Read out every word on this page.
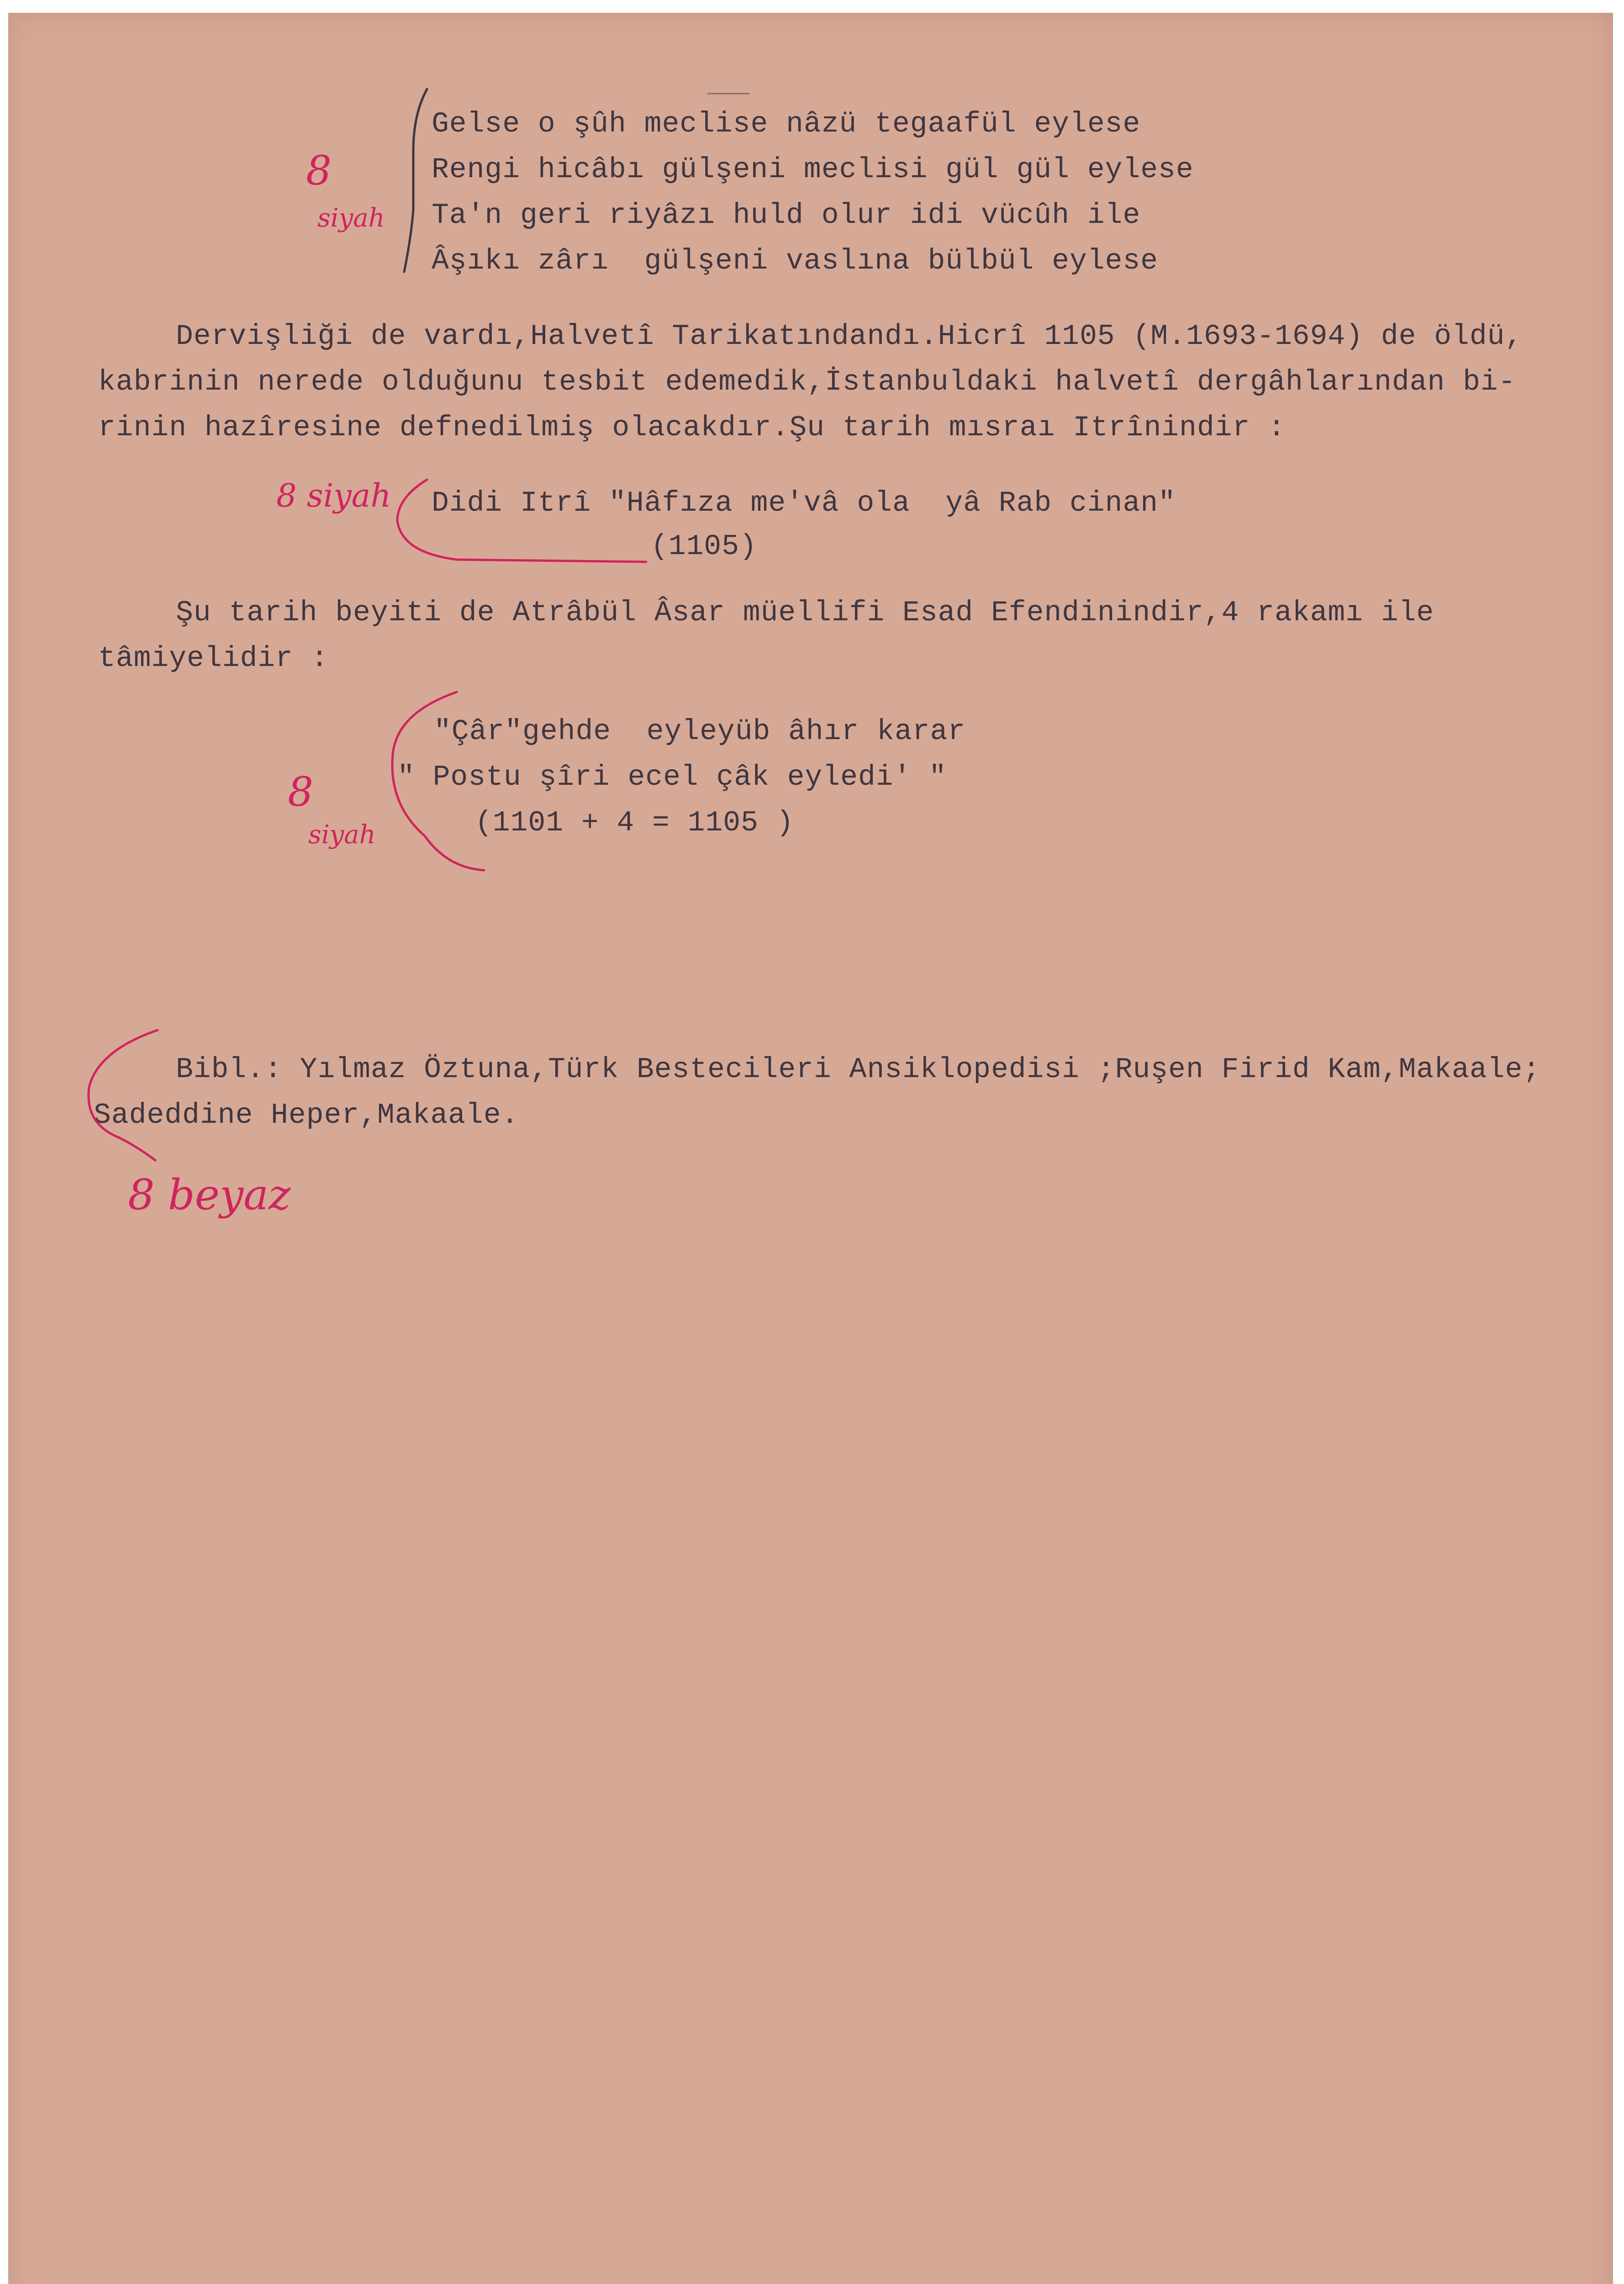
Gelse o şûh meclise nâzü tegaafül eylese
Rengi hicâbı gülşeni meclisi gül gül eylese
Ta'n geri riyâzı huld olur idi vücûh ile
Âşıkı zârı  gülşeni vaslına bülbül eylese
Dervişliği de vardı,Halvetî Tarikatındandı.Hicrî 1105 (M.1693-1694) de öldü,
kabrinin nerede olduğunu tesbit edemedik,İstanbuldaki halvetî dergâhlarından bi-
rinin hazîresine defnedilmiş olacakdır.Şu tarih mısraı Itrînindir :
Didi Itrî "Hâfıza me'vâ ola  yâ Rab cinan"
(1105)
Şu tarih beyiti de Atrâbül Âsar müellifi Esad Efendinindir,4 rakamı ile
tâmiyelidir :
"Çâr"gehde  eyleyüb âhır karar
" Postu şîri ecel çâk eyledi' "
(1101 + 4 = 1105 )
Bibl.: Yılmaz Öztuna,Türk Bestecileri Ansiklopedisi ;Ruşen Firid Kam,Makaale;
Sadeddine Heper,Makaale.
8
siyah
8 siyah
8
siyah
8 beyaz
